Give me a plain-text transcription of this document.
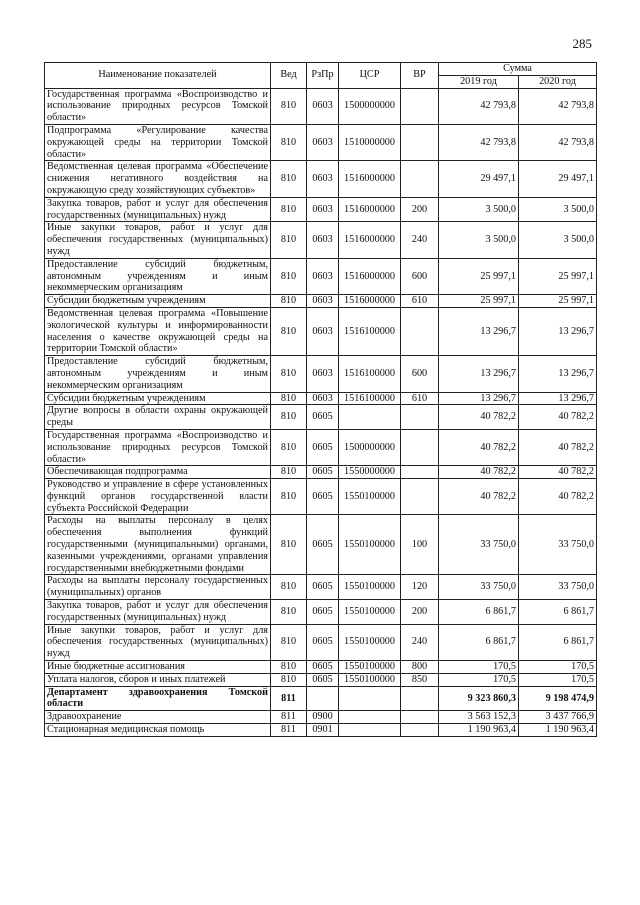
285
Наименование показателей	Вед	РзПр	ЦСР	ВР	Сумма	
					2019 год	2020 год
Государственная программа «Воспроизводство и использование природных ресурсов Томской области»	810	0603	1500000000		42 793,8	42 793,8
Подпрограмма «Регулирование качества окружающей среды на территории Томской области»	810	0603	1510000000		42 793,8	42 793,8
Ведомственная целевая программа «Обеспечение снижения негативного воздействия на окружающую среду хозяйствующих субъектов»	810	0603	1516000000		29 497,1	29 497,1
Закупка товаров, работ и услуг для обеспечения государственных (муниципальных) нужд	810	0603	1516000000	200	3 500,0	3 500,0
Иные закупки товаров, работ и услуг для обеспечения государственных (муниципальных) нужд	810	0603	1516000000	240	3 500,0	3 500,0
Предоставление субсидий бюджетным, автономным учреждениям и иным некоммерческим организациям	810	0603	1516000000	600	25 997,1	25 997,1
Субсидии бюджетным учреждениям	810	0603	1516000000	610	25 997,1	25 997,1
Ведомственная целевая программа «Повышение экологической культуры и информированности населения о качестве окружающей среды на территории Томской области»	810	0603	1516100000		13 296,7	13 296,7
Предоставление субсидий бюджетным, автономным учреждениям и иным некоммерческим организациям	810	0603	1516100000	600	13 296,7	13 296,7
Субсидии бюджетным учреждениям	810	0603	1516100000	610	13 296,7	13 296,7
Другие вопросы в области охраны окружающей среды	810	0605			40 782,2	40 782,2
Государственная программа «Воспроизводство и использование природных ресурсов Томской области»	810	0605	1500000000		40 782,2	40 782,2
Обеспечивающая подпрограмма	810	0605	1550000000		40 782,2	40 782,2
Руководство и управление в сфере установленных функций органов государственной власти субъекта Российской Федерации	810	0605	1550100000		40 782,2	40 782,2
Расходы на выплаты персоналу в целях обеспечения выполнения функций государственными (муниципальными) органами, казенными учреждениями, органами управления государственными внебюджетными фондами	810	0605	1550100000	100	33 750,0	33 750,0
Расходы на выплаты персоналу государственных (муниципальных) органов	810	0605	1550100000	120	33 750,0	33 750,0
Закупка товаров, работ и услуг для обеспечения государственных (муниципальных) нужд	810	0605	1550100000	200	6 861,7	6 861,7
Иные закупки товаров, работ и услуг для обеспечения государственных (муниципальных) нужд	810	0605	1550100000	240	6 861,7	6 861,7
Иные бюджетные ассигнования	810	0605	1550100000	800	170,5	170,5
Уплата налогов, сборов и иных платежей	810	0605	1550100000	850	170,5	170,5
Департамент здравоохранения Томской области	811				9 323 860,3	9 198 474,9
Здравоохранение	811	0900			3 563 152,3	3 437 766,9
Стационарная медицинская помощь	811	0901			1 190 963,4	1 190 963,4
